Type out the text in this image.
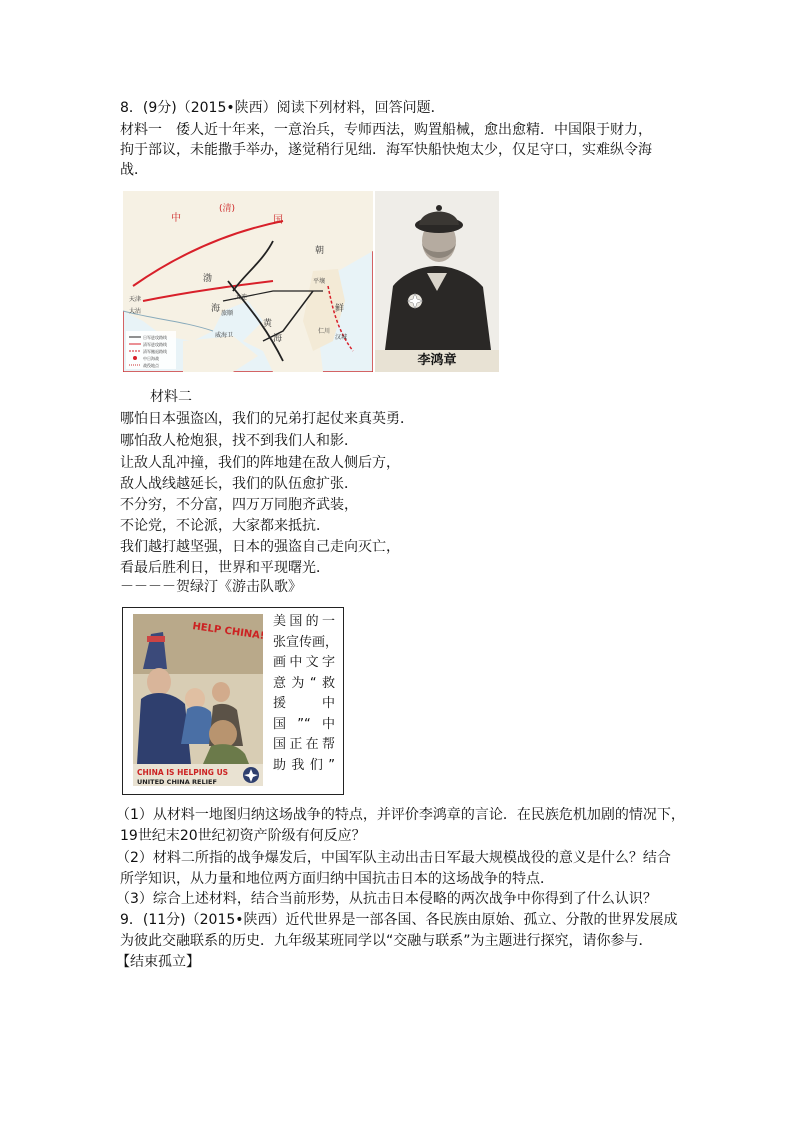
8．(9分)（2015•陕西）阅读下列材料，回答问题．
材料一　倭人近十年来，一意治兵，专师西法，购置船械，愈出愈精．中国限于财力，
拘于部议，未能撒手举办，遂觉稍行见绌．海军快船快炮太少，仅足守口，实难纵令海
战．
中
(清)
国
朝
鲜
渤
海
海
黄
天津
大沽	旅顺
大连
威海卫
平壤
汉城
仁川
日军进攻路线
清军进攻路线
清军撤退路线
中日海战
战役地点	李鸿章
材料二
哪怕日本强盗凶，我们的兄弟打起仗来真英勇．
哪怕敌人枪炮狠，找不到我们人和影．
让敌人乱冲撞，我们的阵地建在敌人侧后方，
敌人战线越延长，我们的队伍愈扩张．
不分穷，不分富，四万万同胞齐武装，
不论党，不论派，大家都来抵抗．
我们越打越坚强，日本的强盗自己走向灭亡，
看最后胜利日，世界和平现曙光．
－－－－贺绿汀《游击队歌》
HELP CHINA!
CHINA IS HELPING US
UNITED CHINA RELIEF
美国的一
张宣传画，
画中文字
意为“救
援　　中
国”“中
国正在帮
助我们”
（1）从材料一地图归纳这场战争的特点，并评价李鸿章的言论．在民族危机加剧的情况下，
19世纪末20世纪初资产阶级有何反应？
（2）材料二所指的战争爆发后，中国军队主动出击日军最大规模战役的意义是什么？结合
所学知识，从力量和地位两方面归纳中国抗击日本的这场战争的特点．
（3）综合上述材料，结合当前形势，从抗击日本侵略的两次战争中你得到了什么认识？
9．(11分)（2015•陕西）近代世界是一部各国、各民族由原始、孤立、分散的世界发展成
为彼此交融联系的历史．九年级某班同学以“交融与联系”为主题进行探究，请你参与．
【结束孤立】
